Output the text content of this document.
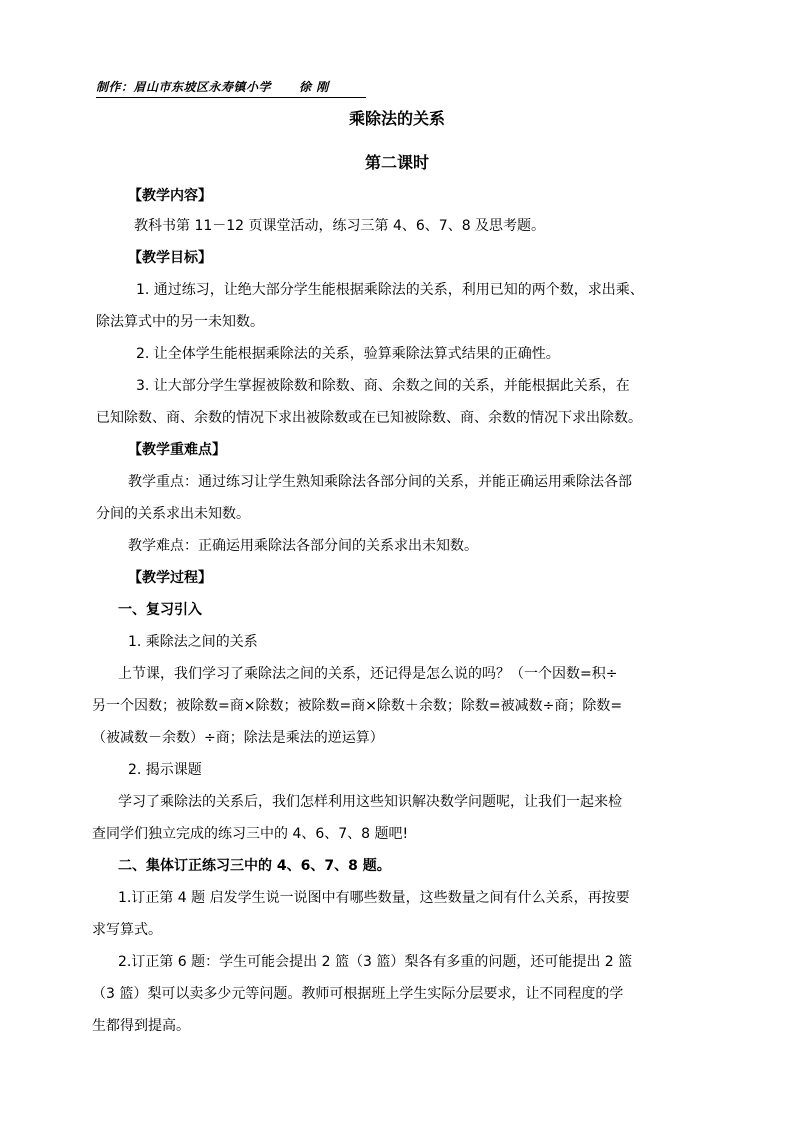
制作：眉山市东坡区永寿镇小学 徐 刚
乘除法的关系
第二课时
【教学内容】
教科书第 11－12 页课堂活动，练习三第 4、6、7、8 及思考题。
【教学目标】
1. 通过练习，让绝大部分学生能根据乘除法的关系，利用已知的两个数，求出乘、
除法算式中的另一未知数。
2. 让全体学生能根据乘除法的关系，验算乘除法算式结果的正确性。
3. 让大部分学生掌握被除数和除数、商、余数之间的关系，并能根据此关系，在
已知除数、商、余数的情况下求出被除数或在已知被除数、商、余数的情况下求出除数。
【教学重难点】
教学重点：通过练习让学生熟知乘除法各部分间的关系，并能正确运用乘除法各部
分间的关系求出未知数。
教学难点：正确运用乘除法各部分间的关系求出未知数。
【教学过程】
一、复习引入
1. 乘除法之间的关系
上节课，我们学习了乘除法之间的关系，还记得是怎么说的吗？（一个因数=积÷
另一个因数；被除数=商×除数；被除数=商×除数＋余数；除数=被减数÷商；除数=
（被减数－余数）÷商；除法是乘法的逆运算）
2. 揭示课题
学习了乘除法的关系后，我们怎样利用这些知识解决数学问题呢，让我们一起来检
查同学们独立完成的练习三中的 4、6、7、8 题吧!
二、集体订正练习三中的 4、6、7、8 题。
1.订正第 4 题 启发学生说一说图中有哪些数量，这些数量之间有什么关系，再按要
求写算式。
2.订正第 6 题：学生可能会提出 2 篮（3 篮）梨各有多重的问题，还可能提出 2 篮
（3 篮）梨可以卖多少元等问题。教师可根据班上学生实际分层要求，让不同程度的学
生都得到提高。
